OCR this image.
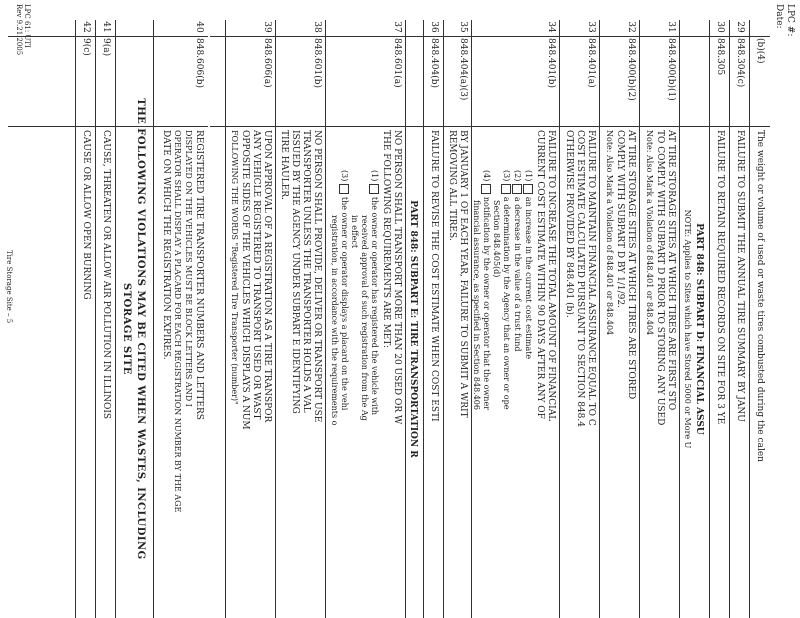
LPC #:
Date:
(b)(4)
The weight or volume of used or waste tires combusted during the calen
29
848.304(c)
FAILURE TO SUBMIT THE ANNUAL TIRE SUMMARY BY JANU
30
848.305
FAILURE TO RETAIN REQUIRED RECORDS ON SITE FOR 3 YE
PART 848: SUBPART D: FINANCIAL ASSU
NOTE: Applies to Sites which have Stored 5000 or More U
31
848.400(b)(1)
AT TIRE STORAGE SITES AT WHICH TIRES ARE FIRST STO
TO COMPLY WITH SUBPART D PRIOR TO STORING ANY USED
Note: Also Mark a Violation of 848.401 or 848.404
32
848.400(b)(2)
AT TIRE STORAGE SITES AT WHICH TIRES ARE STORED
COMPLY WITH SUBPART D BY 1/1/92.
Note: Also Mark a Violation of 848.401 or 848.404
33
848.401(a)
FAILURE TO MAINTAIN FINANCIAL ASSURANCE EQUAL TO C
COST ESTIMATE CALCULATED PURSUANT TO SECTION 848.4
OTHERWISE PROVIDED BY 848.401 (b).
34
848.401(b)
FAILURE TO INCREASE THE TOTAL AMOUNT OF FINANCIAL
CURRENT COST ESTIMATE WITHIN 90 DAYS AFTER ANY OF
(1) an increase in the current cost estimate
(2) a decrease in the value of a trust fund
(3) a determination by the Agency that an owner or ope
Section 848.405(d)
(4) notification by the owner or operator that the owner
financial assurance, as specified in Section 848.406
35
848.404(a)(3)
BY JANUARY 1 OF EACH YEAR, FAILURE TO SUBMIT A WRIT
REMOVING ALL TIRES.
36
848.404(b)
FAILURE TO REVISE THE COST ESTIMATE WHEN COST ESTI
PART 848: SUBPART E: TIRE TRANSPORTATION R
37
848.601(a)
NO PERSON SHALL TRANSPORT MORE THAN 20 USED OR W
THE FOLLOWING REQUIREMENTS ARE MET:
(1) the owner or operator has registered the vehicle with
received approval of such registration from the Ag
in effect
(3) the owner or operator displays a placard on the vehi
registration, in accordance with the requirements o
38
848.601(b)
NO PERSON SHALL PROVIDE, DELIVER OR TRANSPORT USE
TRANSPORTER UNLESS THE TRANSPORTER HOLDS A VAL
ISSUED BY THE AGENCY UNDER SUBPART E IDENTIFYING
TIRE HAULER.
39
848.606(a)
UPON APPROVAL OF A REGISTRATION AS A TIRE TRANSPOR
ANY VEHICLE REGISTERED TO TRANSPORT USED OR WAST
OPPOSITE SIDES OF THE VEHICLES WHICH DISPLAYS A NUM
FOLLOWING THE WORDS "Registered Tire Transporter (number)"
40
848.606(b)
REGISTERED TIRE TRANSPORTER NUMBERS AND LETTERS
DISPLAYED ON THE VEHICLES MUST BE BLOCK LETTERS AND I
OPERATOR SHALL DISPLAY A PLACARD FOR EACH REGISTRATION NUMBER BY THE AGE
DATE ON WHICH THE REGISTRATION EXPIRES.
THE FOLLOWING VIOLATIONS MAY BE CITED WHEN WASTES, INCLUDING
STORAGE SITE
41
9(a)
CAUSE, THREATEN OR ALLOW AIR POLLUTION IN ILLINOIS
42
9(c)
CAUSE OR ALLOW OPEN BURNING
LPC 61: UTI
Rev 9.21.2005
Tire Storage Site – 5
